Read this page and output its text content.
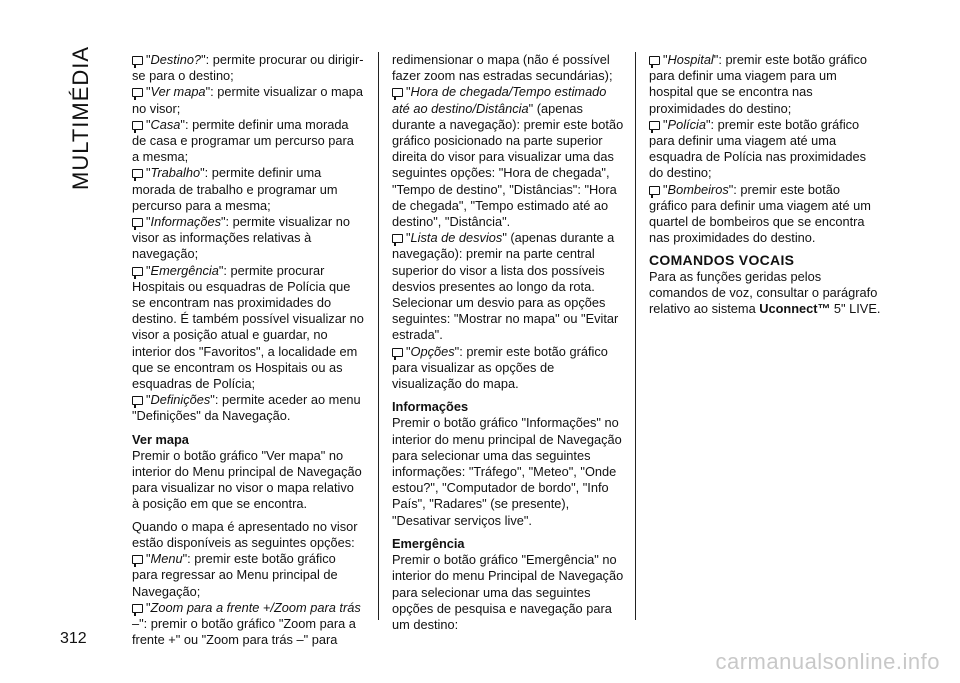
MULTIMÉDIA
312

"Destino?": permite procurar ou dirigir-se para o destino;

"Ver mapa": permite visualizar o mapa no visor;

"Casa": permite definir uma morada de casa e programar um percurso para a mesma;

"Trabalho": permite definir uma morada de trabalho e programar um percurso para a mesma;

"Informações": permite visualizar no visor as informações relativas à navegação;

"Emergência": permite procurar Hospitais ou esquadras de Polícia que se encontram nas proximidades do destino. É também possível visualizar no visor a posição atual e guardar, no interior dos "Favoritos", a localidade em que se encontram os Hospitais ou as esquadras de Polícia;

"Definições": permite aceder ao menu "Definições" da Navegação.

Ver mapa

Premir o botão gráfico "Ver mapa" no interior do Menu principal de Navegação para visualizar no visor o mapa relativo à posição em que se encontra.

Quando o mapa é apresentado no visor estão disponíveis as seguintes opções:

"Menu": premir este botão gráfico para regressar ao Menu principal de Navegação;

"Zoom para a frente +/Zoom para trás –": premir o botão gráfico "Zoom para a frente +" ou "Zoom para trás –" para

redimensionar o mapa (não é possível fazer zoom nas estradas secundárias);

"Hora de chegada/Tempo estimado até ao destino/Distância" (apenas durante a navegação): premir este botão gráfico posicionado na parte superior direita do visor para visualizar uma das seguintes opções: "Hora de chegada", "Tempo de destino", "Distâncias": "Hora de chegada", "Tempo estimado até ao destino", "Distância".

"Lista de desvios" (apenas durante a navegação): premir na parte central superior do visor a lista dos possíveis desvios presentes ao longo da rota. Selecionar um desvio para as opções seguintes: "Mostrar no mapa" ou "Evitar estrada".

"Opções": premir este botão gráfico para visualizar as opções de visualização do mapa.

Informações

Premir o botão gráfico "Informações" no interior do menu principal de Navegação para selecionar uma das seguintes informações: "Tráfego", "Meteo", "Onde estou?", "Computador de bordo", "Info País", "Radares" (se presente), "Desativar serviços live".

Emergência

Premir o botão gráfico "Emergência" no interior do menu Principal de Navegação para selecionar uma das seguintes opções de pesquisa e navegação para um destino:

"Hospital": premir este botão gráfico para definir uma viagem para um hospital que se encontra nas proximidades do destino;

"Polícia": premir este botão gráfico para definir uma viagem até uma esquadra de Polícia nas proximidades do destino;

"Bombeiros": premir este botão gráfico para definir uma viagem até um quartel de bombeiros que se encontra nas proximidades do destino.

COMANDOS VOCAIS

Para as funções geridas pelos comandos de voz, consultar o parágrafo relativo ao sistema Uconnect™ 5" LIVE.

carmanualsonline.info
